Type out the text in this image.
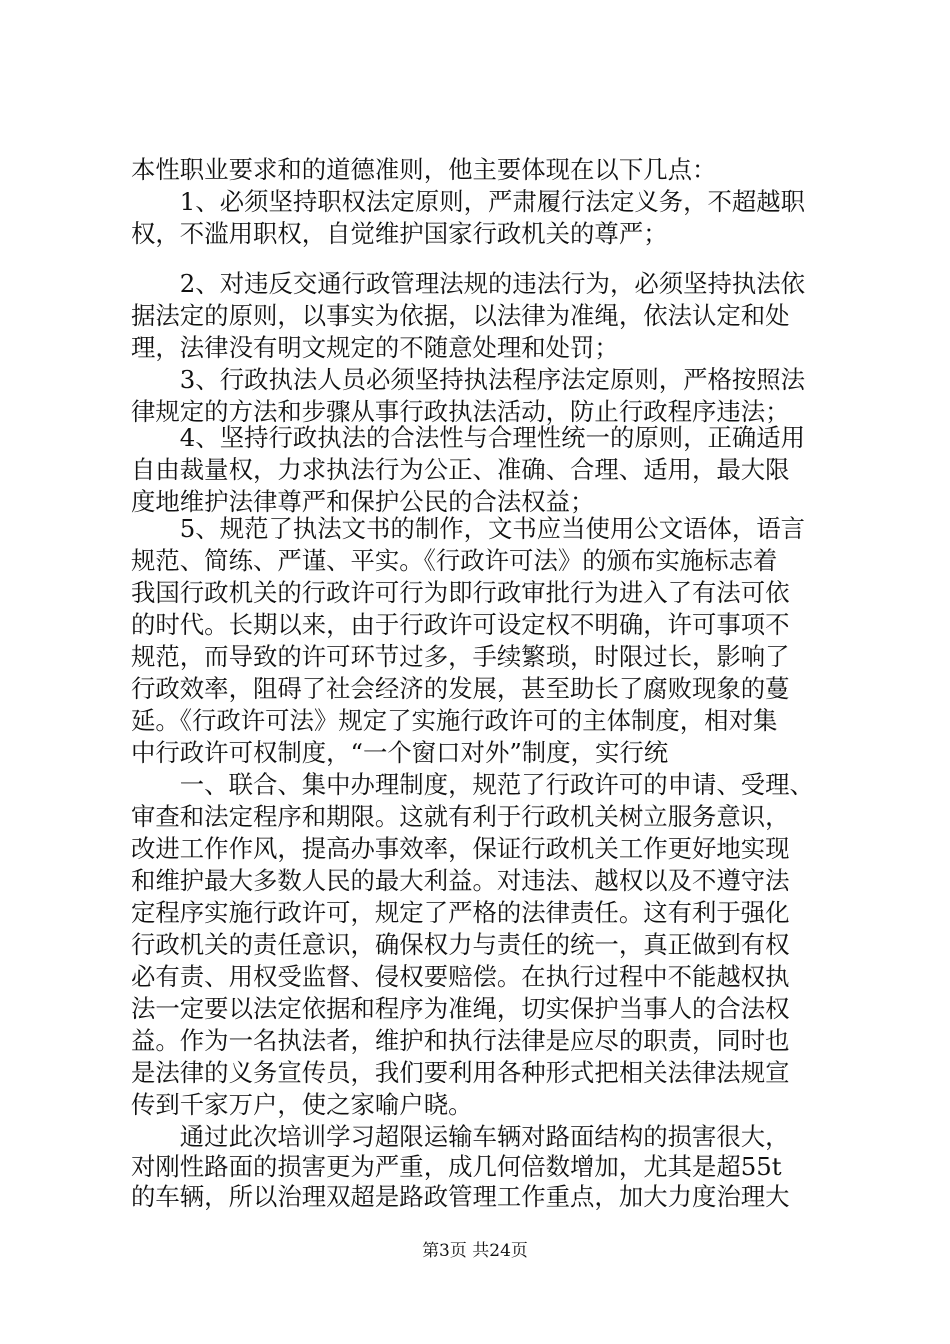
本性职业要求和的道德准则，他主要体现在以下几点：
　　1、必须坚持职权法定原则，严肃履行法定义务，不超越职
权，不滥用职权，自觉维护国家行政机关的尊严；
　　2、对违反交通行政管理法规的违法行为，必须坚持执法依
据法定的原则，以事实为依据，以法律为准绳，依法认定和处
理，法律没有明文规定的不随意处理和处罚；
　　3、行政执法人员必须坚持执法程序法定原则，严格按照法
律规定的方法和步骤从事行政执法活动，防止行政程序违法；
　　4、坚持行政执法的合法性与合理性统一的原则，正确适用
自由裁量权，力求执法行为公正、准确、合理、适用，最大限
度地维护法律尊严和保护公民的合法权益；
　　5、规范了执法文书的制作，文书应当使用公文语体，语言
规范、简练、严谨、平实。《行政许可法》的颁布实施标志着
我国行政机关的行政许可行为即行政审批行为进入了有法可依
的时代。长期以来，由于行政许可设定权不明确，许可事项不
规范，而导致的许可环节过多，手续繁琐，时限过长，影响了
行政效率，阻碍了社会经济的发展，甚至助长了腐败现象的蔓
延。《行政许可法》规定了实施行政许可的主体制度，相对集
中行政许可权制度，“一个窗口对外”制度，实行统
　　一、联合、集中办理制度，规范了行政许可的申请、受理、
审查和法定程序和期限。这就有利于行政机关树立服务意识，
改进工作作风，提高办事效率，保证行政机关工作更好地实现
和维护最大多数人民的最大利益。对违法、越权以及不遵守法
定程序实施行政许可，规定了严格的法律责任。这有利于强化
行政机关的责任意识，确保权力与责任的统一，真正做到有权
必有责、用权受监督、侵权要赔偿。在执行过程中不能越权执
法一定要以法定依据和程序为准绳，切实保护当事人的合法权
益。作为一名执法者，维护和执行法律是应尽的职责，同时也
是法律的义务宣传员，我们要利用各种形式把相关法律法规宣
传到千家万户，使之家喻户晓。
　　通过此次培训学习超限运输车辆对路面结构的损害很大，
对刚性路面的损害更为严重，成几何倍数增加，尤其是超55t
的车辆，所以治理双超是路政管理工作重点，加大力度治理大
第3页 共24页
